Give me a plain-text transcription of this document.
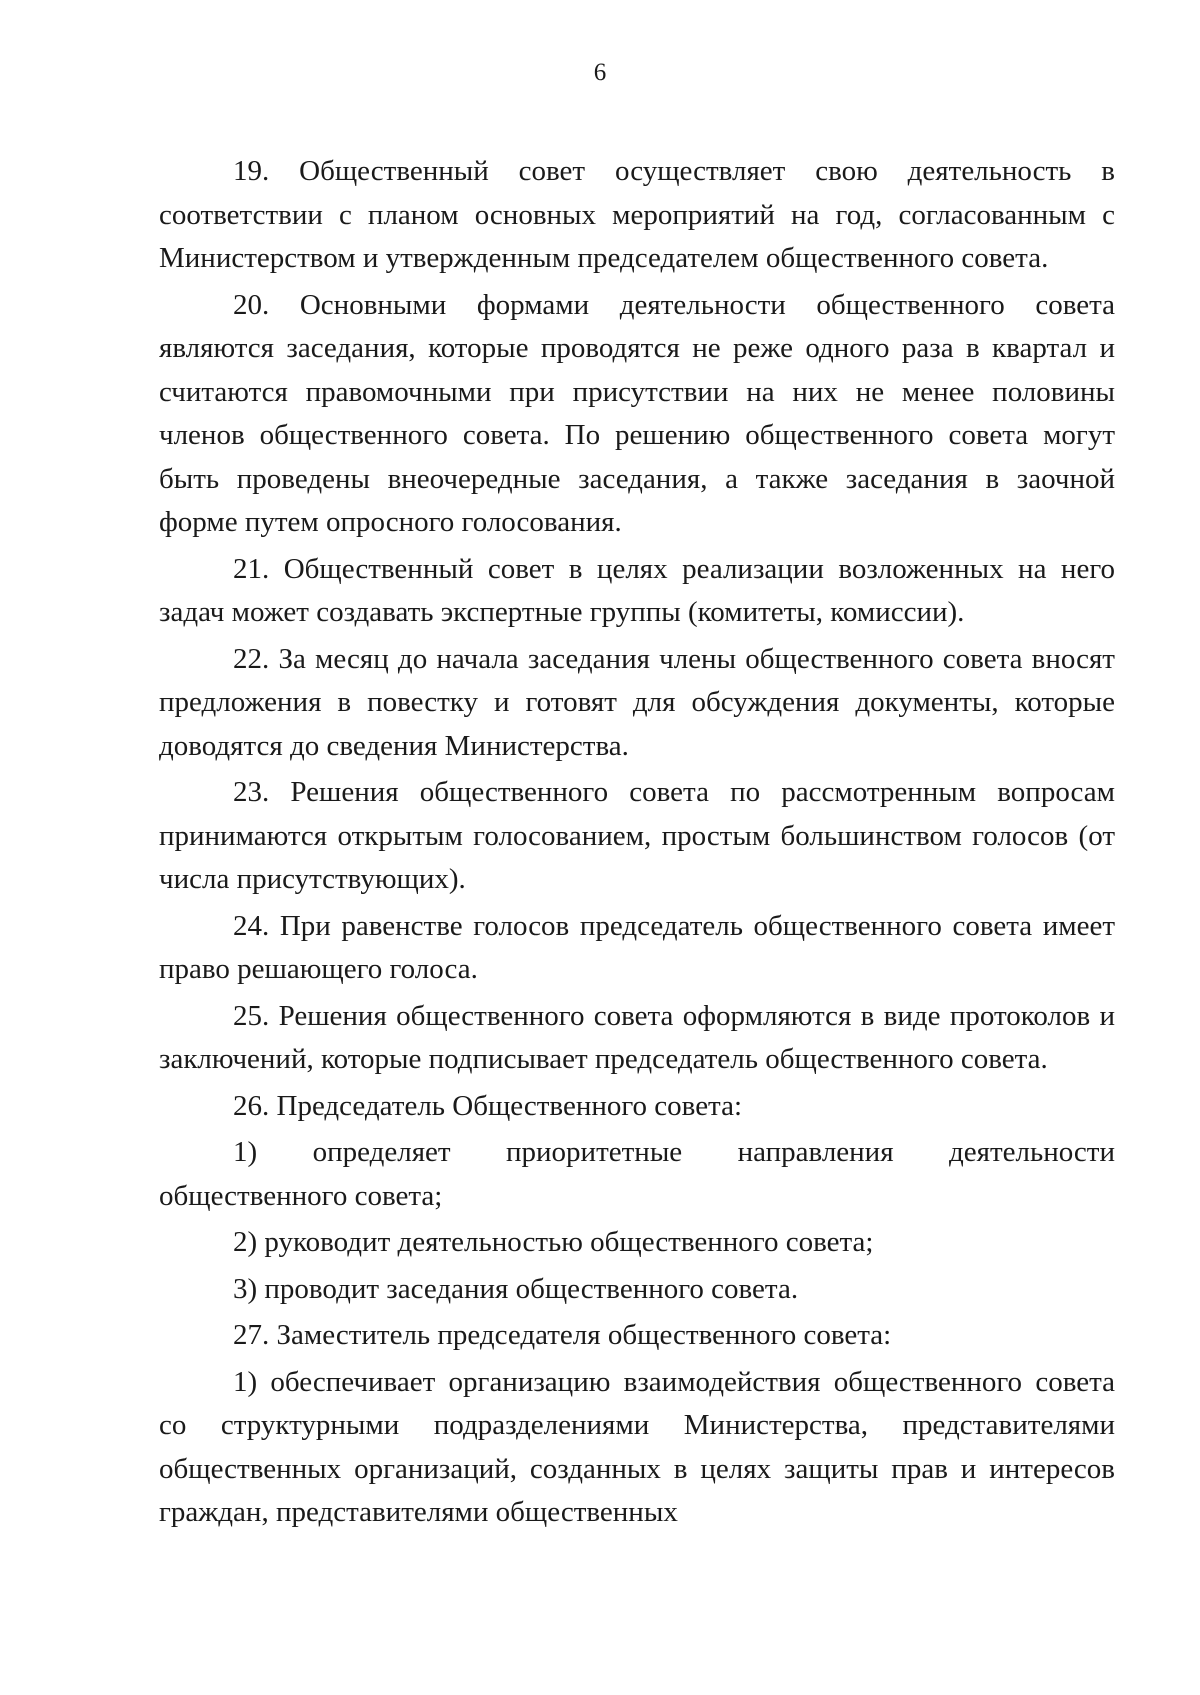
6

19. Общественный совет осуществляет свою деятельность в соответствии с планом основных мероприятий на год, согласованным с Министерством и утвержденным председателем общественного совета.

20. Основными формами деятельности общественного совета являются заседания, которые проводятся не реже одного раза в квартал и считаются правомочными при присутствии на них не менее половины членов общественного совета. По решению общественного совета могут быть проведены внеочередные заседания, а также заседания в заочной форме путем опросного голосования.

21. Общественный совет в целях реализации возложенных на него задач может создавать экспертные группы (комитеты, комиссии).

22. За месяц до начала заседания члены общественного совета вносят предложения в повестку и готовят для обсуждения документы, которые доводятся до сведения Министерства.

23. Решения общественного совета по рассмотренным вопросам принимаются открытым голосованием, простым большинством голосов (от числа присутствующих).

24. При равенстве голосов председатель общественного совета имеет право решающего голоса.

25. Решения общественного совета оформляются в виде протоколов и заключений, которые подписывает председатель общественного совета.

26. Председатель Общественного совета:

1) определяет приоритетные направления деятельности общественного совета;

2) руководит деятельностью общественного совета;

3) проводит заседания общественного совета.

27. Заместитель председателя общественного совета:

1) обеспечивает организацию взаимодействия общественного совета со структурными подразделениями Министерства, представителями общественных организаций, созданных в целях защиты прав и интересов граждан, представителями общественных
